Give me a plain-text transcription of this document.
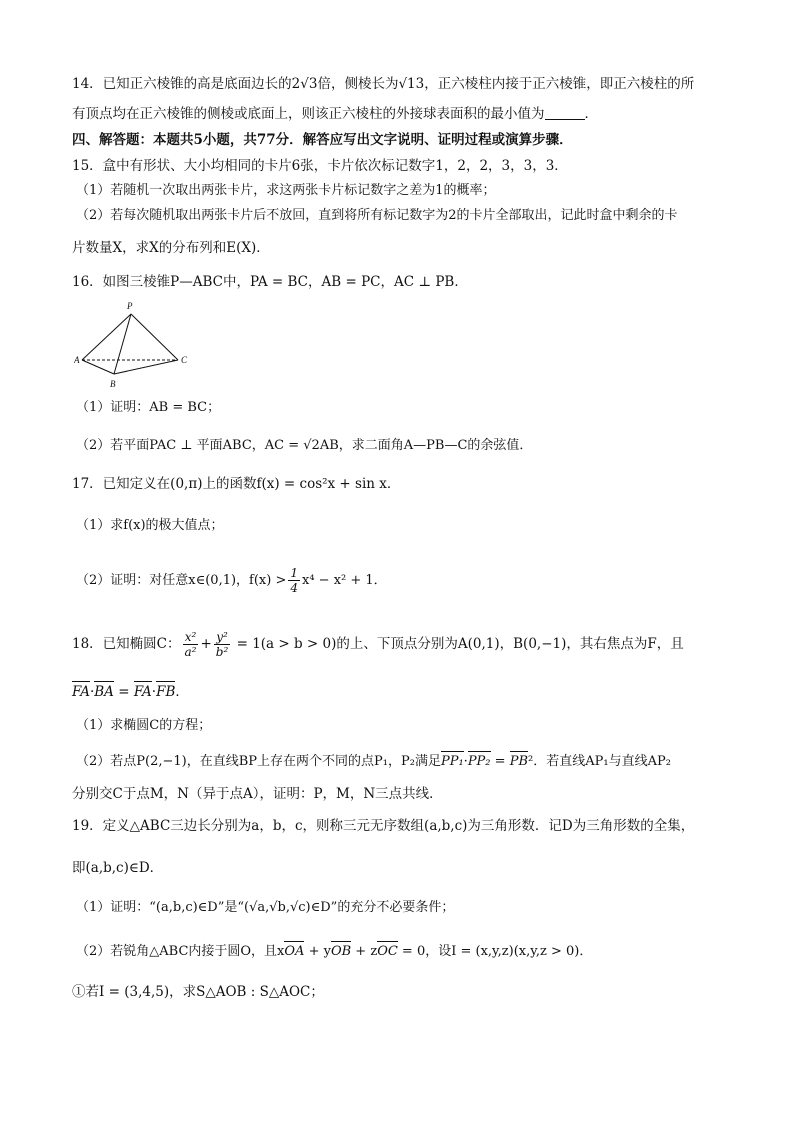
14．已知正六棱锥的高是底面边长的2√3倍，侧棱长为√13，正六棱柱内接于正六棱锥，即正六棱柱的所
有顶点均在正六棱锥的侧棱或底面上，则该正六棱柱的外接球表面积的最小值为	．
四、解答题：本题共5小题，共77分．解答应写出文字说明、证明过程或演算步骤．
15．盒中有形状、大小均相同的卡片6张，卡片依次标记数字1，2，2，3，3，3．
（1）若随机一次取出两张卡片，求这两张卡片标记数字之差为1的概率；
（2）若每次随机取出两张卡片后不放回，直到将所有标记数字为2的卡片全部取出，记此时盒中剩余的卡
片数量X，求X的分布列和E(X)．
16．如图三棱锥P—ABC中，PA = BC，AB = PC，AC ⊥ PB．
P
A
B
C
（1）证明：AB = BC；
（2）若平面PAC ⊥ 平面ABC，AC = √2AB，求二面角A—PB—C的余弦值．
17．已知定义在(0,π)上的函数f(x) = cos²x + sin x．
（1）求f(x)的极大值点；
（2）证明：对任意x∈(0,1)，$f(x) > \frac{1}{4} x^4 - x^2 + 1$．
18．已知椭圆C： $\frac{\text{x²}}{\text{a²}} + \frac{\text{y²}}{\text{b²}} = 1(a > b > 0)$的上、下顶点分别为A(0,1)，B(0,−1)，其右焦点为F，且
FA·BA = FA·FB．
（1）求椭圆C的方程；
（2）若点P(2,−1)，在直线BP上存在两个不同的点P₁，P₂满足PP₁·PP₂ = PB²．若直线AP₁与直线AP₂
分别交C于点M，N（异于点A），证明：P，M，N三点共线．
19．定义△ABC三边长分别为a，b，c，则称三元无序数组(a,b,c)为三角形数．记D为三角形数的全集，
即(a,b,c)∈D．
（1）证明：“(a,b,c)∈D”是“(√a,√b,√c)∈D”的充分不必要条件；
（2）若锐角△ABC内接于圆O，且xOA + yOB + zOC = 0，设I = (x,y,z)(x,y,z > 0)．
①若I = (3,4,5)，求S△AOB : S△AOC；
